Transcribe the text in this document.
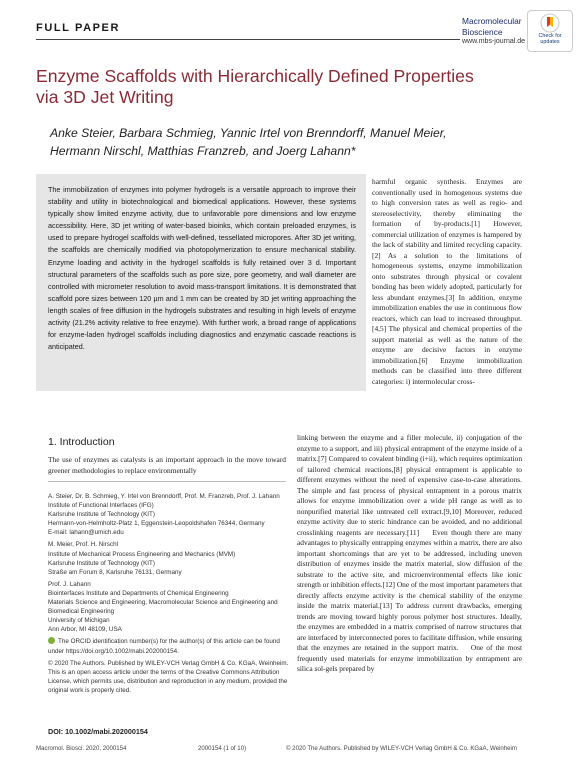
FULL PAPER
Macromolecular
Bioscience
www.mbs-journal.de
Check for
updates
Enzyme Scaffolds with Hierarchically Defined Properties
via 3D Jet Writing
Anke Steier, Barbara Schmieg, Yannic Irtel von Brenndorff, Manuel Meier,
Hermann Nirschl, Matthias Franzreb, and Joerg Lahann*
The immobilization of enzymes into polymer hydrogels is a versatile approach to improve their stability and utility in biotechnological and biomedical applications. However, these systems typically show limited enzyme activity, due to unfavorable pore dimensions and low enzyme accessibility. Here, 3D jet writing of water-based bioinks, which contain preloaded enzymes, is used to prepare hydrogel scaffolds with well-defined, tessellated micropores. After 3D jet writing, the scaffolds are chemically modified via photopolymerization to ensure mechanical stability. Enzyme loading and activity in the hydrogel scaffolds is fully retained over 3 d. Important structural parameters of the scaffolds such as pore size, pore geometry, and wall diameter are controlled with micrometer resolution to avoid mass-transport limitations. It is demonstrated that scaffold pore sizes between 120 µm and 1 mm can be created by 3D jet writing approaching the length scales of free diffusion in the hydrogels substrates and resulting in high levels of enzyme activity (21.2% activity relative to free enzyme). With further work, a broad range of applications for enzyme-laden hydrogel scaffolds including diagnostics and enzymatic cascade reactions is anticipated.
harmful organic synthesis. Enzymes are conventionally used in homogenous systems due to high conversion rates as well as regio- and stereoselectivity, thereby eliminating the formation of by-products.[1] However, commercial utilization of enzymes is hampered by the lack of stability and limited recycling capacity.[2] As a solution to the limitations of homogeneous systems, enzyme immobilization onto substrates through physical or covalent bonding has been widely adopted, particularly for less abundant enzymes.[3] In addition, enzyme immobilization enables the use in continuous flow reactors, which can lead to increased throughput.[4,5] The physical and chemical properties of the support material as well as the nature of the enzyme are decisive factors in enzyme immobilization.[6] Enzyme immobilization methods can be classified into three different categories: i) intermolecular cross-
1. Introduction
The use of enzymes as catalysts is an important approach in the move toward greener methodologies to replace environmentally
linking between the enzyme and a filler molecule, ii) conjugation of the enzyme to a support, and iii) physical entrapment of the enzyme inside of a matrix.[7] Compared to covalent binding (i+ii), which requires optimization of tailored chemical reactions,[8] physical entrapment is applicable to different enzymes without the need of expensive case-to-case alterations. The simple and fast process of physical entrapment in a porous matrix allows for enzyme immobilization over a wide pH range as well as to nonpurified material like untreated cell extract.[9,10] Moreover, reduced enzyme activity due to steric hindrance can be avoided, and no additional crosslinking reagents are necessary.[11]    Even though there are many advantages to physically entrapping enzymes within a matrix, there are also important shortcomings that are yet to be addressed, including uneven distribution of enzymes inside the matrix material, slow diffusion of the substrate to the active site, and microenvironmental effects like ionic strength or inhibition effects.[12] One of the most important parameters that directly affects enzyme activity is the chemical stability of the enzyme inside the matrix material.[13] To address current drawbacks, emerging trends are moving toward highly porous polymer host structures. Ideally, the enzymes are embedded in a matrix comprised of narrow structures that are interfaced by interconnected pores to facilitate diffusion, while ensuring that the enzymes are retained in the support matrix.    One of the most frequently used materials for enzyme immobilization by entrapment are silica sol-gels prepared by

A. Steier, Dr. B. Schmieg, Y. Irtel von Brenndorff, Prof. M. Franzreb, Prof. J. Lahann

Institute of Functional Interfaces (IFG)

Karlsruhe Institute of Technology (KIT)

Hermann-von-Helmholtz-Platz 1, Eggenstein-Leopoldshafen 76344, Germany

E-mail: lahann@umich.edu

M. Meier, Prof. H. Nirschl

Institute of Mechanical Process Engineering and Mechanics (MVM)

Karlsruhe Institute of Technology (KIT)

Straße am Forum 8, Karlsruhe 76131, Germany

Prof. J. Lahann

Biointerfaces Institute and Departments of Chemical Engineering

Materials Science and Engineering, Macromolecular Science and Engineering and Biomedical Engineering

University of Michigan

Ann Arbor, MI 48109, USA

The ORCID identification number(s) for the author(s) of this article can be found under https://doi.org/10.1002/mabi.202000154.

© 2020 The Authors. Published by WILEY-VCH Verlag GmbH & Co. KGaA, Weinheim. This is an open access article under the terms of the Creative Commons Attribution License, which permits use, distribution and reproduction in any medium, provided the original work is properly cited.

DOI: 10.1002/mabi.202000154
Macromol. Biosci. 2020, 2000154	2000154 (1 of 10)	© 2020 The Authors. Published by WILEY-VCH Verlag GmbH & Co. KGaA, Weinheim
